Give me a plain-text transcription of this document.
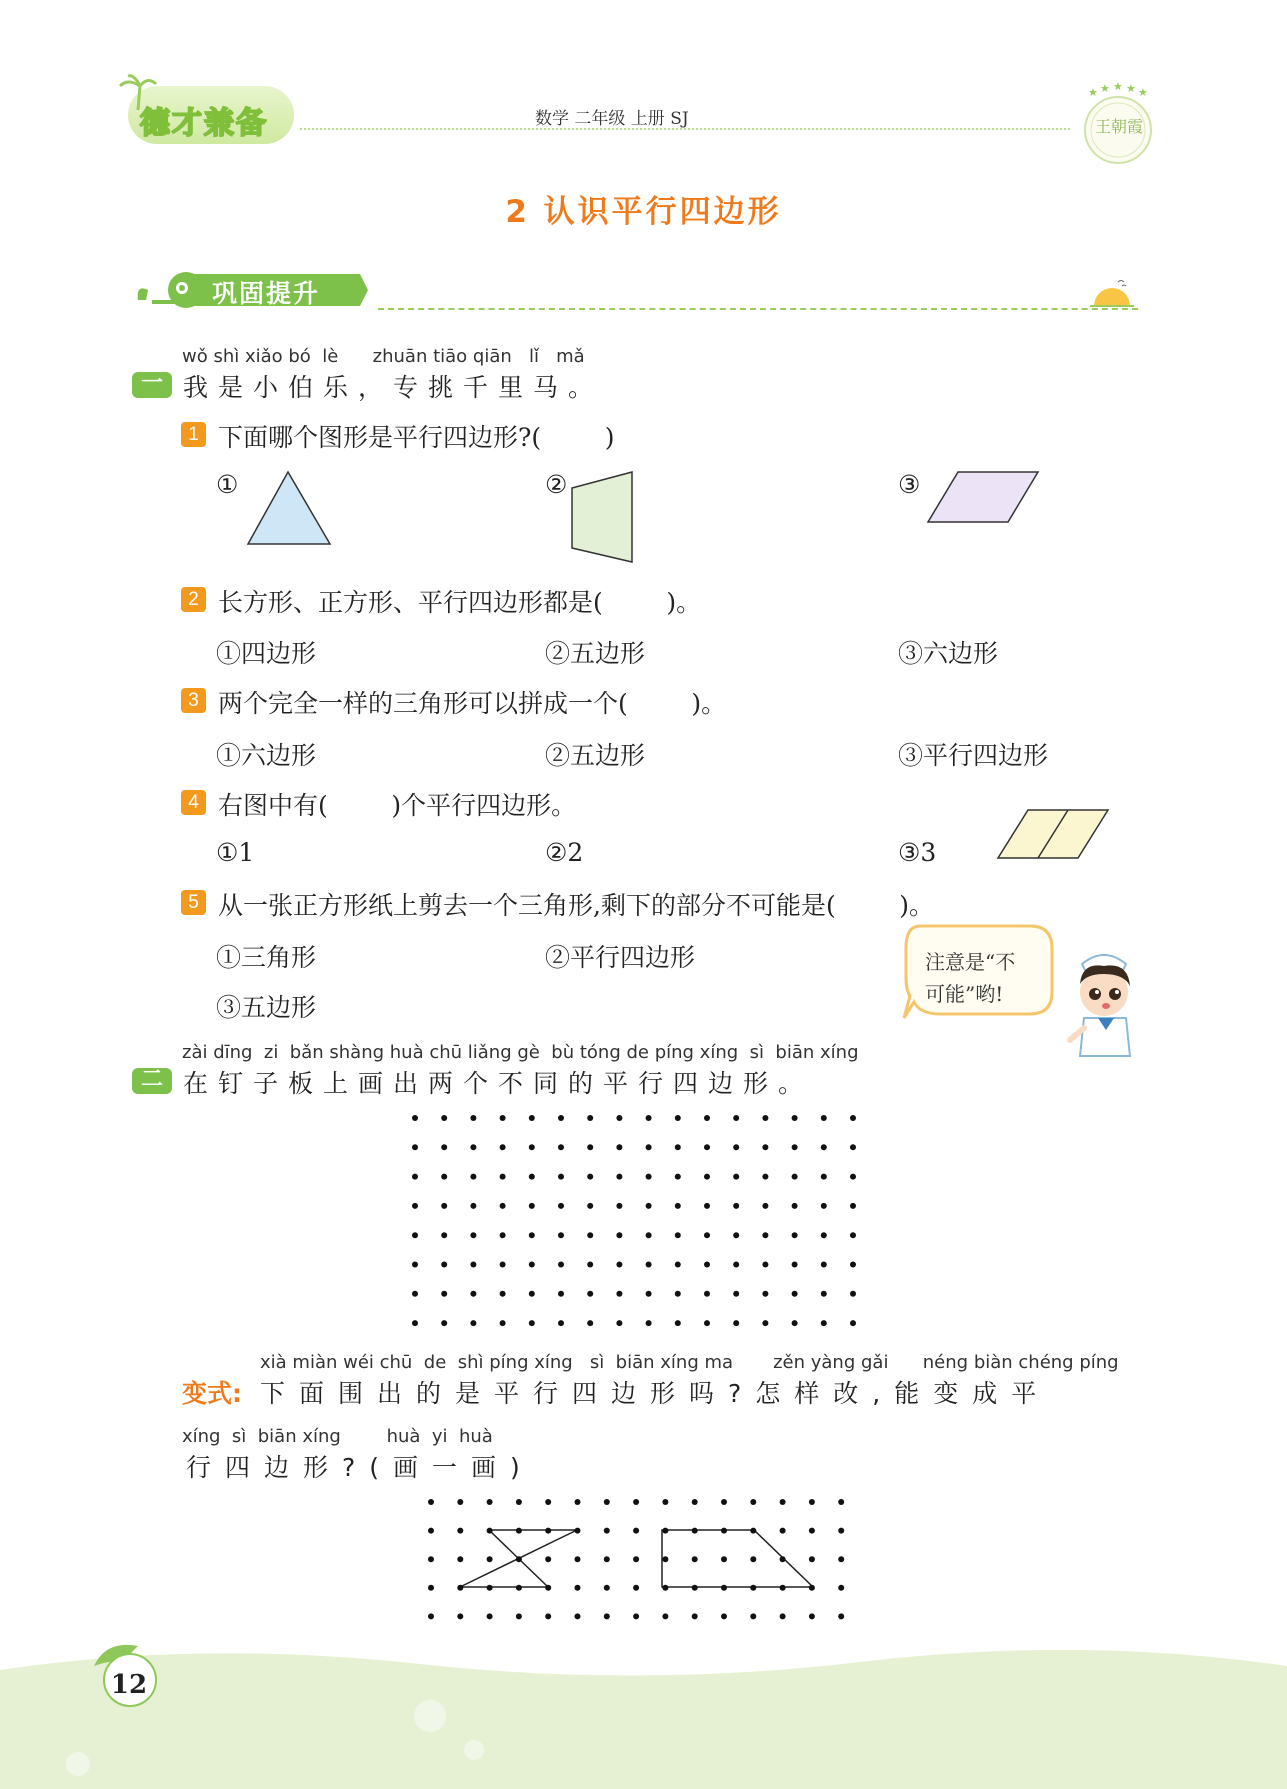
德才兼备	数学 二年级 上册 SJ
★ ★ ★ ★ ★
王朝霞
2 认识平行四边形
巩固提升
wǒ shì xiǎo bó  lè      zhuān tiāo qiān   lǐ   mǎ
一 我是小伯乐，专挑千里马。
1 下面哪个图形是平行四边形?(        )
①	②	③
2 长方形、正方形、平行四边形都是(        )。
①四边形	②五边形	③六边形
3 两个完全一样的三角形可以拼成一个(        )。
①六边形	②五边形	③平行四边形
4 右图中有(        )个平行四边形。
①1	②2	③3
5 从一张正方形纸上剪去一个三角形,剩下的部分不可能是(        )。
①三角形	②平行四边形
③五边形
注意是“不
可能”哟!
zài dīng  zi  bǎn shàng huà chū liǎng gè  bù tóng de píng xíng  sì  biān xíng
二 在钉子板上画出两个不同的平行四边形。
xià miàn wéi chū  de  shì píng xíng   sì  biān xíng ma       zěn yàng gǎi      néng biàn chéng píng
变式: 下面围出的是平行四边形吗?怎样改,能变成平
xíng  sì  biān xíng        huà  yi  huà
行四边形?(画一画)
12
